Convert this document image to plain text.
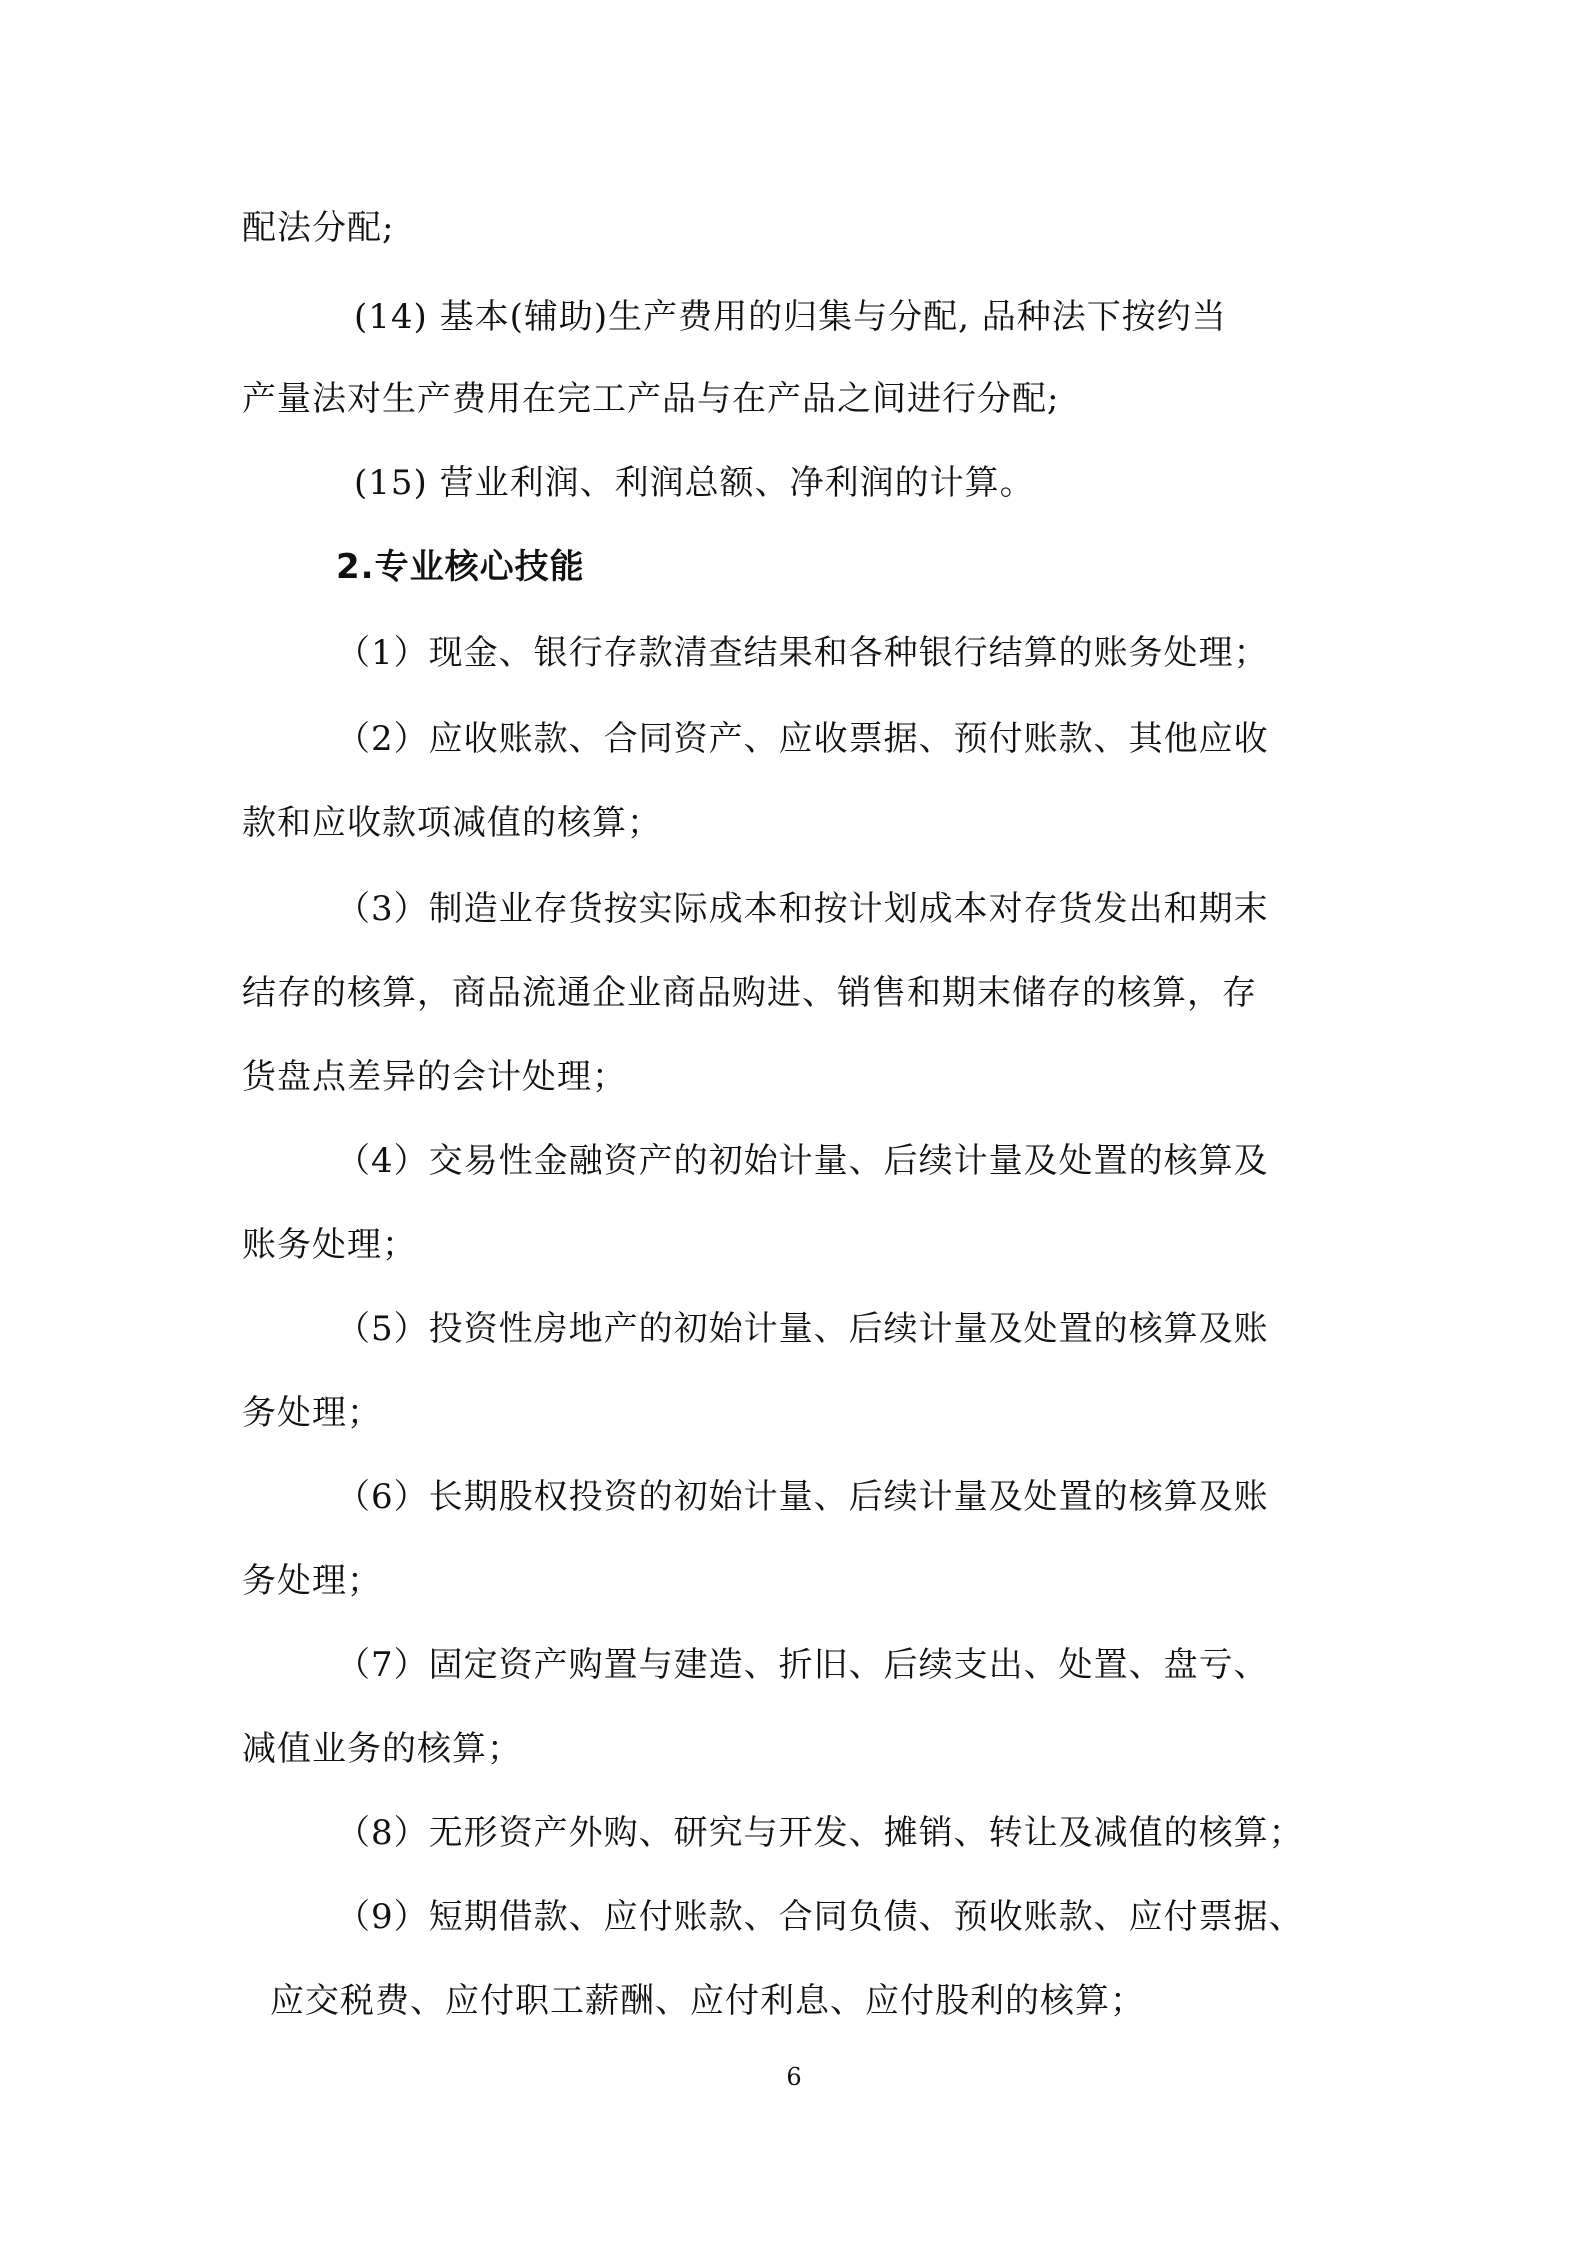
配法分配;
(14) 基本(辅助)生产费用的归集与分配, 品种法下按约当
产量法对生产费用在完工产品与在产品之间进行分配;
(15) 营业利润、利润总额、净利润的计算。
2.专业核心技能
（1）现金、银行存款清查结果和各种银行结算的账务处理；
（2）应收账款、合同资产、应收票据、预付账款、其他应收
款和应收款项减值的核算；
（3）制造业存货按实际成本和按计划成本对存货发出和期末
结存的核算，商品流通企业商品购进、销售和期末储存的核算，存
货盘点差异的会计处理；
（4）交易性金融资产的初始计量、后续计量及处置的核算及
账务处理；
（5）投资性房地产的初始计量、后续计量及处置的核算及账
务处理；
（6）长期股权投资的初始计量、后续计量及处置的核算及账
务处理；
（7）固定资产购置与建造、折旧、后续支出、处置、盘亏、
减值业务的核算；
（8）无形资产外购、研究与开发、摊销、转让及减值的核算；
（9）短期借款、应付账款、合同负债、预收账款、应付票据、
应交税费、应付职工薪酬、应付利息、应付股利的核算；
6
